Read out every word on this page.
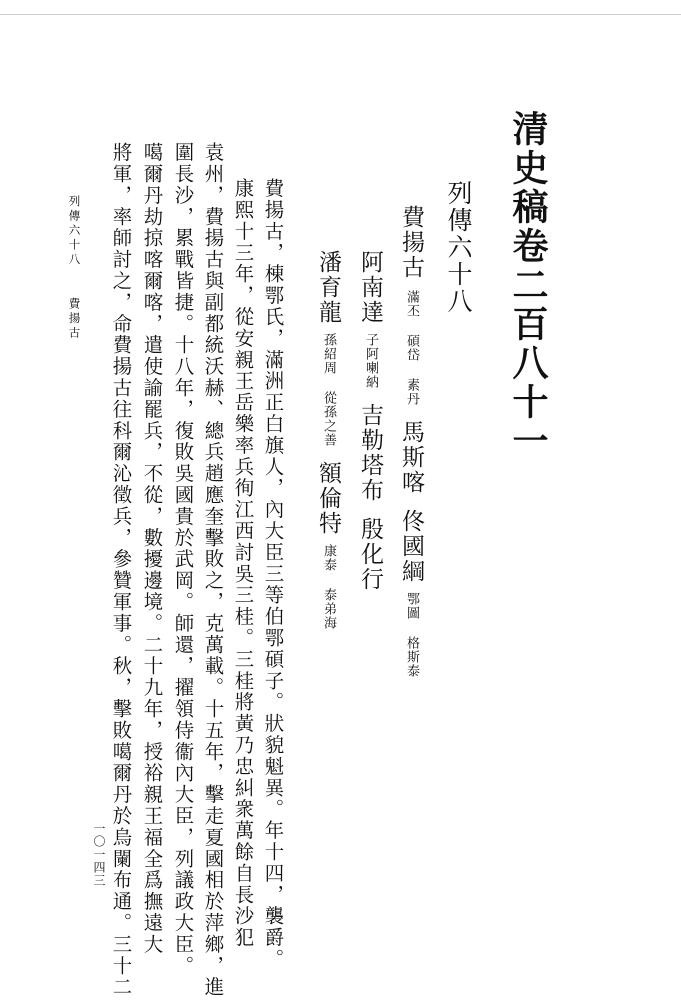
清史稿卷二百八十一
列傳六十八
費揚古滿丕 碩岱 素丹馬斯喀佟國綱鄂圖 格斯泰
阿南達子阿喇納吉勒塔布殷化行
潘育龍孫紹周 從孫之善額倫特康泰 泰弟海
費揚古，棟鄂氏，滿洲正白旗人，內大臣三等伯鄂碩子。狀貌魁異。年十四，襲爵。
康熙十三年，從安親王岳樂率兵徇江西討吳三桂。三桂將黃乃忠糾衆萬餘自長沙犯
袁州，費揚古與副都統沃赫、總兵趙應奎擊敗之，克萬載。十五年，擊走夏國相於萍鄉，進
圍長沙，累戰皆捷。十八年，復敗吳國貴於武岡。師還，擢領侍衞內大臣，列議政大臣。
噶爾丹劫掠喀爾喀，遣使諭罷兵，不從，數擾邊境。二十九年，授裕親王福全爲撫遠大
將軍，率師討之，命費揚古往科爾沁徵兵，參贊軍事。秋，擊敗噶爾丹於烏闌布通。三十二
列傳六十八費揚古
一〇一四三
